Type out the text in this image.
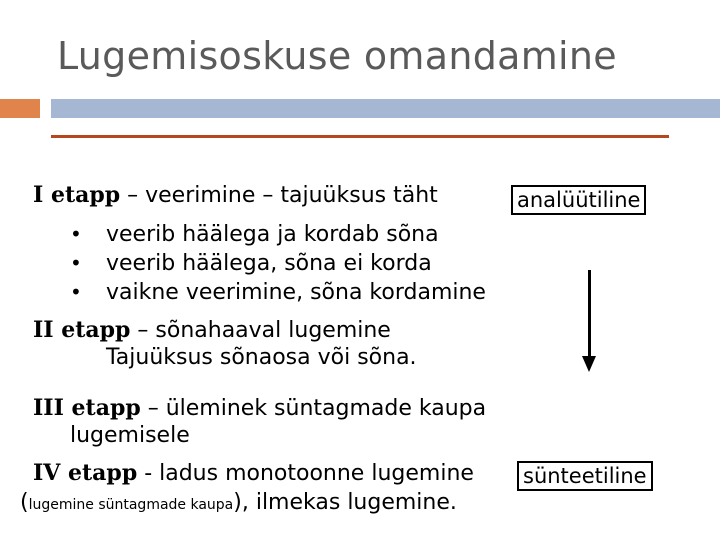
Lugemisoskuse omandamine
I etapp – veerimine – tajuüksus täht	analüütiline
• veerib häälega ja kordab sõna
• veerib häälega, sõna ei korda
• vaikne veerimine, sõna kordamine
II etapp – sõnahaaval lugemine
Tajuüksus sõnaosa või sõna.
III etapp – üleminek süntagmade kaupa
lugemisele
IV etapp - ladus monotoonne lugemine sünteetiline
(lugemine süntagmade kaupa), ilmekas lugemine.
